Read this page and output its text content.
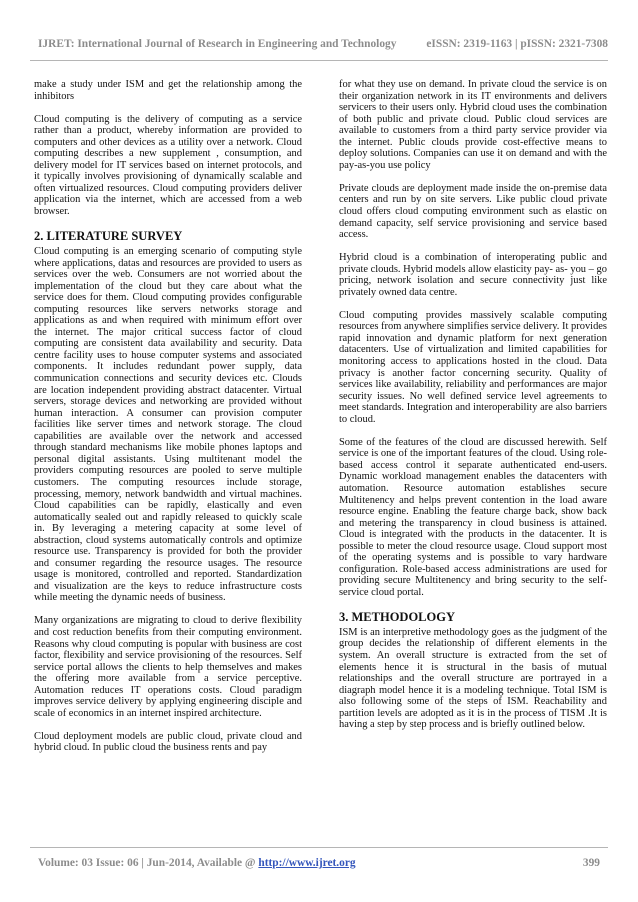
IJRET: International Journal of Research in Engineering and Technology	eISSN: 2319-1163 | pISSN: 2321-7308

make a study under ISM and get the relationship among the inhibitors

Cloud computing is the delivery of computing as a service rather than a product, whereby information are provided to computers and other devices as a utility over a network. Cloud computing describes a new supplement , consumption, and delivery model for IT services based on internet protocols, and it typically involves provisioning of dynamically scalable and often virtualized resources. Cloud computing providers deliver application via the internet, which are accessed from a web browser.

2. LITERATURE SURVEY

Cloud computing is an emerging scenario of computing style where applications, datas and resources are provided to users as services over the web. Consumers are not worried about the implementation of the cloud but they care about what the service does for them. Cloud computing provides configurable computing resources like servers networks storage and applications as and when required with minimum effort over the internet. The major critical success factor of cloud computing are consistent data availability and security. Data centre facility uses to house computer systems and associated components. It includes redundant power supply, data communication connections and security devices etc. Clouds are location independent providing abstract datacenter. Virtual servers, storage devices and networking are provided without human interaction. A consumer can provision computer facilities like server times and network storage. The cloud capabilities are available over the network and accessed through standard mechanisms like mobile phones laptops and personal digital assistants. Using multitenant model the providers computing resources are pooled to serve multiple customers. The computing resources include storage, processing, memory, network bandwidth and virtual machines. Cloud capabilities can be rapidly, elastically and even automatically sealed out and rapidly released to quickly scale in. By leveraging a metering capacity at some level of abstraction, cloud systems automatically controls and optimize resource use. Transparency is provided for both the provider and consumer regarding the resource usages. The resource usage is monitored, controlled and reported. Standardization and visualization are the keys to reduce infrastructure costs while meeting the dynamic needs of business.

Many organizations are migrating to cloud to derive flexibility and cost reduction benefits from their computing environment. Reasons why cloud computing is popular with business are cost factor, flexibility and service provisioning of the resources. Self service portal allows the clients to help themselves and makes the offering more available from a service perceptive. Automation reduces IT operations costs. Cloud paradigm improves service delivery by applying engineering disciple and scale of economics in an internet inspired architecture.

Cloud deployment models are public cloud, private cloud and hybrid cloud. In public cloud the business rents and pay

for what they use on demand. In private cloud the service is on their organization network in its IT environments and delivers servicers to their users only. Hybrid cloud uses the combination of both public and private cloud. Public cloud services are available to customers from a third party service provider via the internet. Public clouds provide cost-effective means to deploy solutions. Companies can use it on demand and with the pay-as-you use policy

Private clouds are deployment made inside the on-premise data centers and run by on site servers. Like public cloud private cloud offers cloud computing environment such as elastic on demand capacity, self service provisioning and service based access.

Hybrid cloud is a combination of interoperating public and private clouds. Hybrid models allow elasticity pay- as- you – go pricing, network isolation and secure connectivity just like privately owned data centre.

Cloud computing provides massively scalable computing resources from anywhere simplifies service delivery. It provides rapid innovation and dynamic platform for next generation datacenters. Use of virtualization and limited capabilities for monitoring access to applications hosted in the cloud. Data privacy is another factor concerning security. Quality of services like availability, reliability and performances are major security issues. No well defined service level agreements to meet standards. Integration and interoperability are also barriers to cloud.

Some of the features of the cloud are discussed herewith. Self service is one of the important features of the cloud. Using role-based access control it separate authenticated end-users. Dynamic workload management enables the datacenters with automation. Resource automation establishes secure Multitenency and helps prevent contention in the load aware resource engine. Enabling the feature charge back, show back and metering the transparency in cloud business is attained. Cloud is integrated with the products in the datacenter. It is possible to meter the cloud resource usage. Cloud support most of the operating systems and is possible to vary hardware configuration. Role-based access administrations are used for providing secure Multitenency and bring security to the self-service cloud portal.

3. METHODOLOGY

ISM is an interpretive methodology goes as the judgment of the group decides the relationship of different elements in the system. An overall structure is extracted from the set of elements hence it is structural in the basis of mutual relationships and the overall structure are portrayed in a diagraph model hence it is a modeling technique. Total ISM is also following some of the steps of ISM. Reachability and partition levels are adopted as it is in the process of TISM .It is having a step by step process and is briefly outlined below.

Volume: 03 Issue: 06 | Jun-2014, Available @ http://www.ijret.org	399
